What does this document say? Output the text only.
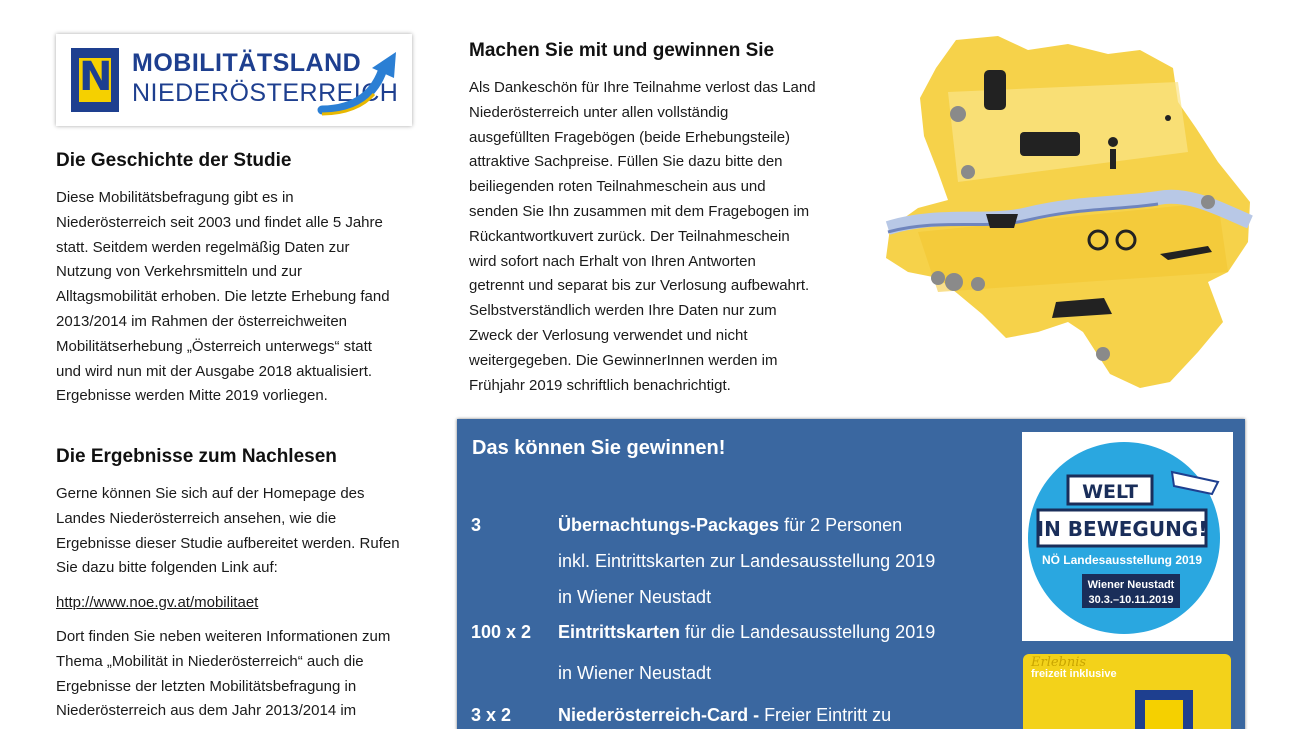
N MOBILITÄTSLAND
NIEDERÖSTERREICH
Die Geschichte der Studie
Diese Mobilitätsbefragung gibt es in
Niederösterreich seit 2003 und findet alle 5 Jahre
statt. Seitdem werden regelmäßig Daten zur
Nutzung von Verkehrsmitteln und zur
Alltagsmobilität erhoben. Die letzte Erhebung fand
2013/2014 im Rahmen der österreichweiten
Mobilitätserhebung „Österreich unterwegs“ statt
und wird nun mit der Ausgabe 2018 aktualisiert.
Ergebnisse werden Mitte 2019 vorliegen.
Die Ergebnisse zum Nachlesen
Gerne können Sie sich auf der Homepage des
Landes Niederösterreich ansehen, wie die
Ergebnisse dieser Studie aufbereitet werden. Rufen
Sie dazu bitte folgenden Link auf:
http://www.noe.gv.at/mobilitaet
Dort finden Sie neben weiteren Informationen zum
Thema „Mobilität in Niederösterreich“ auch die
Ergebnisse der letzten Mobilitätsbefragung in
Niederösterreich aus dem Jahr 2013/2014 im
Machen Sie mit und gewinnen Sie
Als Dankeschön für Ihre Teilnahme verlost das Land
Niederösterreich unter allen vollständig
ausgefüllten Fragebögen (beide Erhebungsteile)
attraktive Sachpreise. Füllen Sie dazu bitte den
beiliegenden roten Teilnahmeschein aus und
senden Sie Ihn zusammen mit dem Fragebogen im
Rückantwortkuvert zurück. Der Teilnahmeschein
wird sofort nach Erhalt von Ihren Antworten
getrennt und separat bis zur Verlosung aufbewahrt.
Selbstverständlich werden Ihre Daten nur zum
Zweck der Verlosung verwendet und nicht
weitergegeben. Die GewinnerInnen werden im
Frühjahr 2019 schriftlich benachrichtigt.
Das können Sie gewinnen!
3	Übernachtungs-Packages für 2 Personen
inkl. Eintrittskarten zur Landesausstellung 2019
in Wiener Neustadt
100 x 2 Eintrittskarten für die Landesausstellung 2019
in Wiener Neustadt
3 x 2	Niederösterreich-Card - Freier Eintritt zu
WELT
IN BEWEGUNG!
NÖ Landesausstellung 2019
Wiener Neustadt
30.3.–10.11.2019
Erlebnis
freizeit inklusive
